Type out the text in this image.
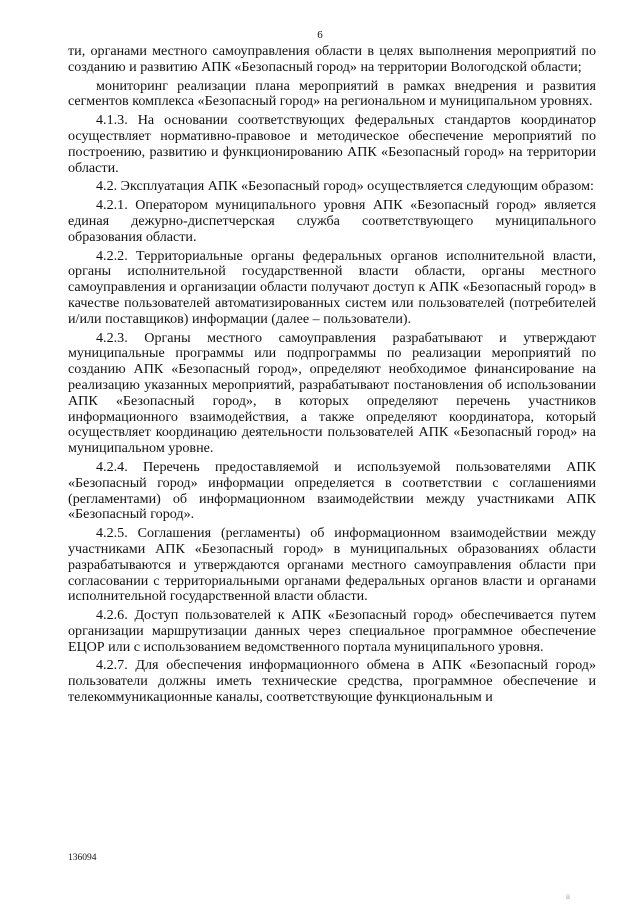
6

ти, органами местного самоуправления области в целях выполнения мероприятий по созданию и развитию АПК «Безопасный город» на территории Вологодской области;

мониторинг реализации плана мероприятий в рамках внедрения и развития сегментов комплекса «Безопасный город» на региональном и муниципальном уровнях.

4.1.3. На основании соответствующих федеральных стандартов координатор осуществляет нормативно-правовое и методическое обеспечение мероприятий по построению, развитию и функционированию АПК «Безопасный город» на территории области.

4.2. Эксплуатация АПК «Безопасный город» осуществляется следующим образом:

4.2.1. Оператором муниципального уровня АПК «Безопасный город» является единая дежурно-диспетчерская служба соответствующего муниципального образования области.

4.2.2. Территориальные органы федеральных органов исполнительной власти, органы исполнительной государственной власти области, органы местного самоуправления и организации области получают доступ к АПК «Безопасный город» в качестве пользователей автоматизированных систем или пользователей (потребителей и/или поставщиков) информации (далее – пользователи).

4.2.3. Органы местного самоуправления разрабатывают и утверждают муниципальные программы или подпрограммы по реализации мероприятий по созданию АПК «Безопасный город», определяют необходимое финансирование на реализацию указанных мероприятий, разрабатывают постановления об использовании АПК «Безопасный город», в которых определяют перечень участников информационного взаимодействия, а также определяют координатора, который осуществляет координацию деятельности пользователей АПК «Безопасный город» на муниципальном уровне.

4.2.4. Перечень предоставляемой и используемой пользователями АПК «Безопасный город» информации определяется в соответствии с соглашениями (регламентами) об информационном взаимодействии между участниками АПК «Безопасный город».

4.2.5. Соглашения (регламенты) об информационном взаимодействии между участниками АПК «Безопасный город» в муниципальных образованиях области разрабатываются и утверждаются органами местного самоуправления области при согласовании с территориальными органами федеральных органов власти и органами исполнительной государственной власти области.

4.2.6. Доступ пользователей к АПК «Безопасный город» обеспечивается путем организации маршрутизации данных через специальное программное обеспечение ЕЦОР или с использованием ведомственного портала муниципального уровня.

4.2.7. Для обеспечения информационного обмена в АПК «Безопасный город» пользователи должны иметь технические средства, программное обеспечение и телекоммуникационные каналы, соответствующие функциональным и

136094
ii
